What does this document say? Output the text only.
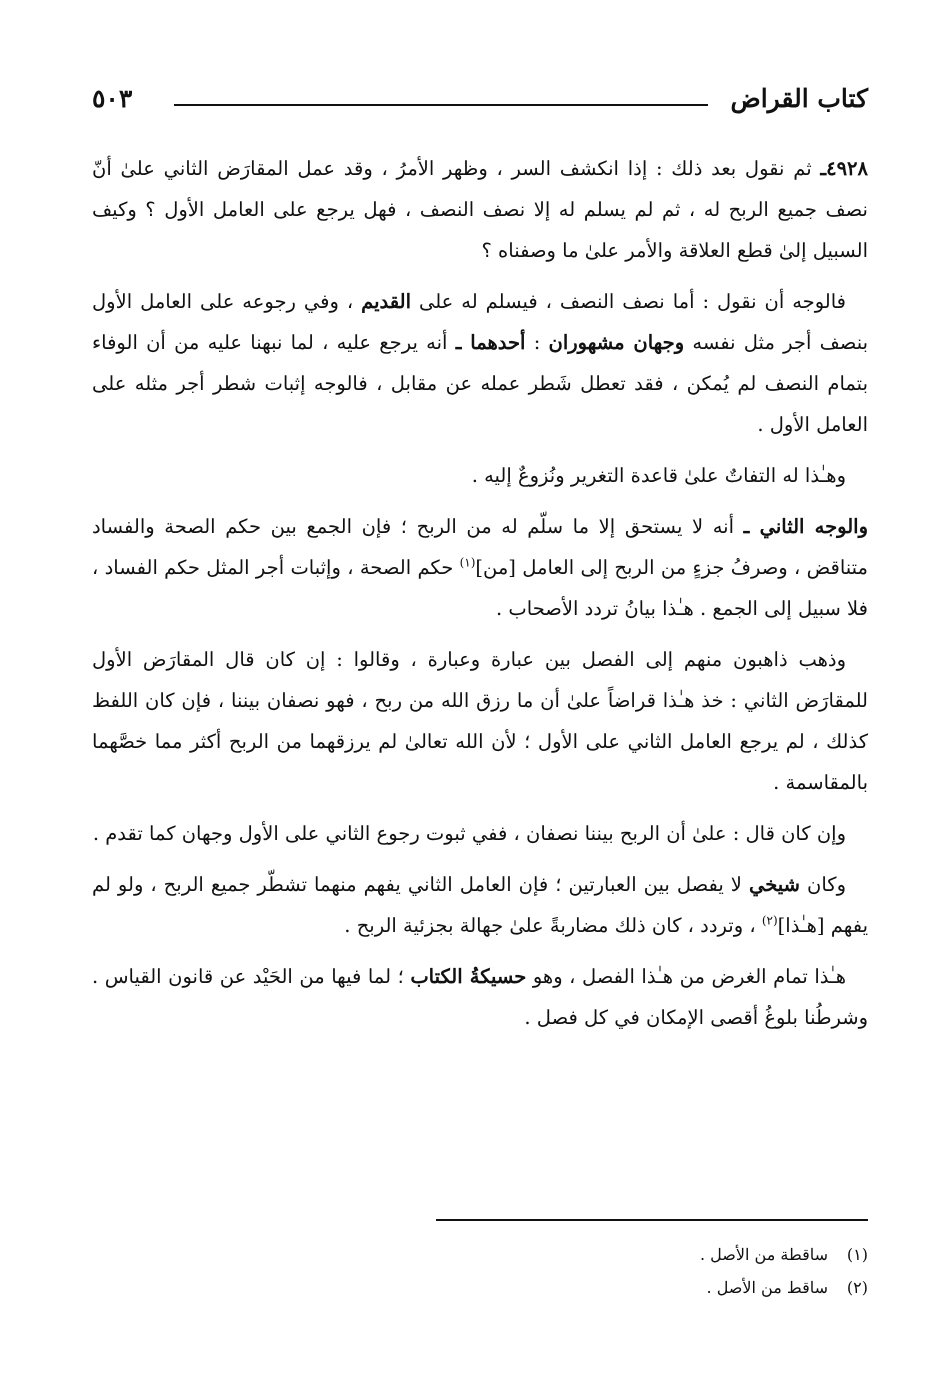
كتاب القراض
٥٠٣

٤٩٢٨ـ ثم نقول بعد ذلك : إذا انكشف السر ، وظهر الأمرُ ، وقد عمل المقارَض الثاني علىٰ أنّ نصف جميع الربح له ، ثم لم يسلم له إلا نصف النصف ، فهل يرجع على العامل الأول ؟ وكيف السبيل إلىٰ قطع العلاقة والأمر علىٰ ما وصفناه ؟

فالوجه أن نقول : أما نصف النصف ، فيسلم له على القديم ، وفي رجوعه على العامل الأول بنصف أجر مثل نفسه وجهان مشهوران : أحدهما ـ أنه يرجع عليه ، لما نبهنا عليه من أن الوفاء بتمام النصف لم يُمكن ، فقد تعطل شَطر عمله عن مقابل ، فالوجه إثبات شطر أجر مثله على العامل الأول .

وهـٰذا له التفاتٌ علىٰ قاعدة التغرير ونُزوعٌ إليه .

والوجه الثاني ـ أنه لا يستحق إلا ما سلّم له من الربح ؛ فإن الجمع بين حكم الصحة والفساد متناقض ، وصرفُ جزءٍ من الربح إلى العامل [من]$^{(١)}$ حكم الصحة ، وإثبات أجر المثل حكم الفساد ، فلا سبيل إلى الجمع . هـٰذا بيانُ تردد الأصحاب .

وذهب ذاهبون منهم إلى الفصل بين عبارة وعبارة ، وقالوا : إن كان قال المقارَض الأول للمقارَض الثاني : خذ هـٰذا قراضاً علىٰ أن ما رزق الله من ربح ، فهو نصفان بيننا ، فإن كان اللفظ كذلك ، لم يرجع العامل الثاني على الأول ؛ لأن الله تعالىٰ لم يرزقهما من الربح أكثر مما خصَّهما بالمقاسمة .

وإن كان قال : علىٰ أن الربح بيننا نصفان ، ففي ثبوت رجوع الثاني على الأول وجهان كما تقدم .

وكان شيخي لا يفصل بين العبارتين ؛ فإن العامل الثاني يفهم منهما تشطّر جميع الربح ، ولو لم يفهم [هـٰذا]$^{(٢)}$ ، وتردد ، كان ذلك مضاربةً علىٰ جهالة بجزئية الربح .

هـٰذا تمام الغرض من هـٰذا الفصل ، وهو حسيكةُ الكتاب ؛ لما فيها من الحَيْد عن قانون القياس . وشرطُنا بلوغُ أقصى الإمكان في كل فصل .

(١)ساقطة من الأصل .
(٢)ساقط من الأصل .
